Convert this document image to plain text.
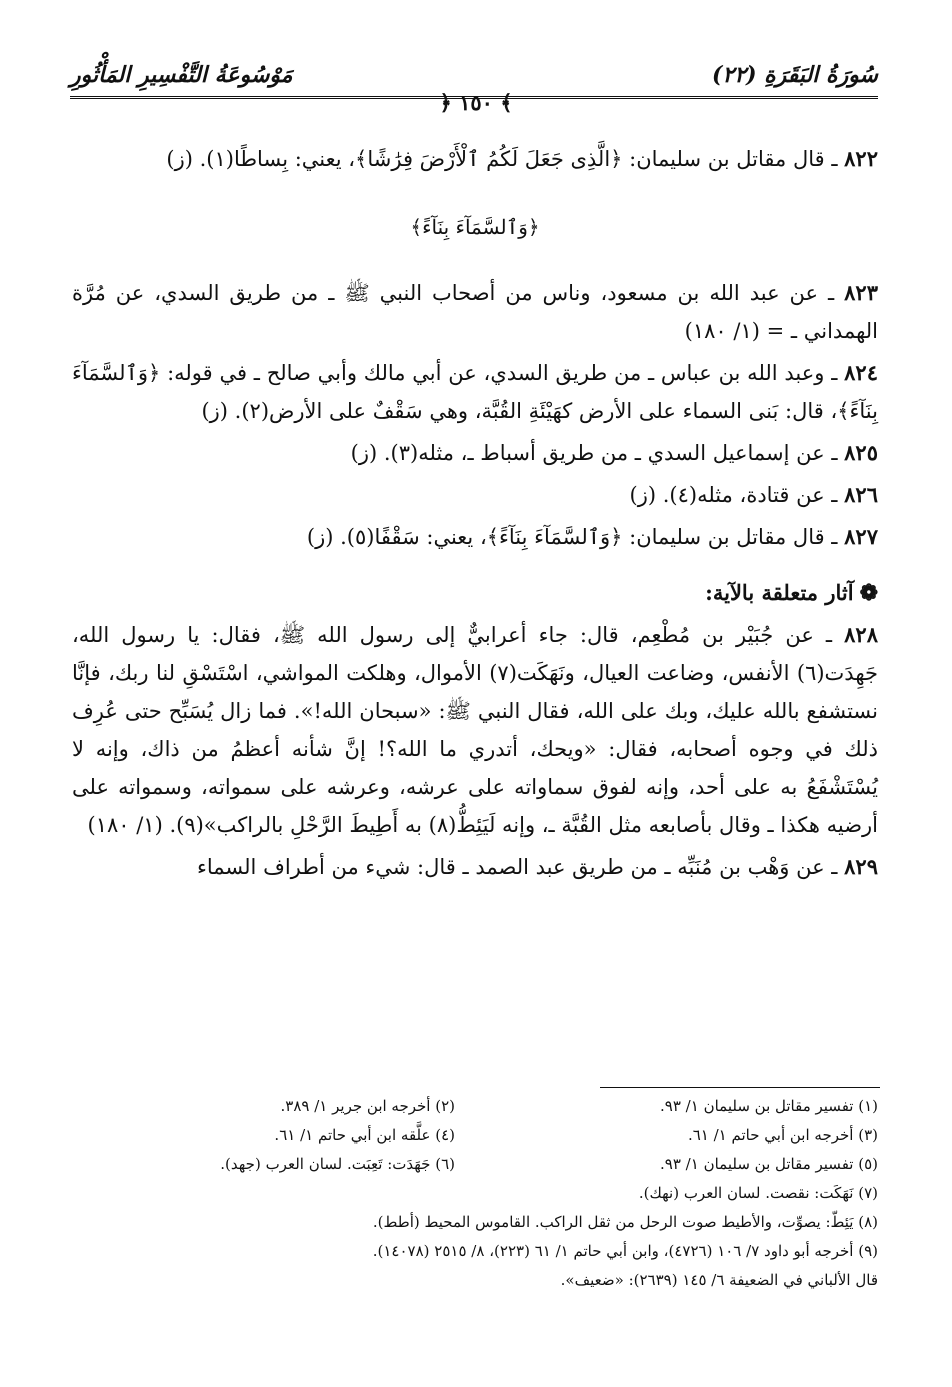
سُورَةُ البَقَرَةِ (٢٢)
مَوْسُوعَةُ التَّفْسِيرِ المَأْثُورِ
﴾ ١٥٠ ﴿

٨٢٢ ـ قال مقاتل بن سليمان: ﴿الَّذِى جَعَلَ لَكُمُ ٱلْأَرْضَ فِرَٰشًا﴾، يعني: بِساطًا(١). (ز)

﴿وَٱلسَّمَآءَ بِنَآءً﴾

٨٢٣ ـ عن عبد الله بن مسعود، وناس من أصحاب النبي ﷺ ـ من طريق السدي، عن مُرَّة الهمداني ـ = (١/ ١٨٠)

٨٢٤ ـ وعبد الله بن عباس ـ من طريق السدي، عن أبي مالك وأبي صالح ـ في قوله: ﴿وَٱلسَّمَآءَ بِنَآءً﴾، قال: بَنى السماء على الأرض كهَيْئَةِ القُبَّة، وهي سَقْفٌ على الأرض(٢). (ز)

٨٢٥ ـ عن إسماعيل السدي ـ من طريق أسباط ـ، مثله(٣). (ز)

٨٢٦ ـ عن قتادة، مثله(٤). (ز)

٨٢٧ ـ قال مقاتل بن سليمان: ﴿وَٱلسَّمَآءَ بِنَآءً﴾، يعني: سَقْفًا(٥). (ز)

❁آثار متعلقة بالآية:

٨٢٨ ـ عن جُبَيْر بن مُطْعِم، قال: جاء أعرابيٌّ إلى رسول الله ﷺ، فقال: يا رسول الله، جَهِدَت(٦) الأنفس، وضاعت العيال، ونَهَكَت(٧) الأموال، وهلكت المواشي، اسْتَسْقِ لنا ربك، فإنَّا نستشفع بالله عليك، وبك على الله، فقال النبي ﷺ: «سبحان الله!». فما زال يُسَبِّح حتى عُرِف ذلك في وجوه أصحابه، فقال: «ويحك، أتدري ما الله؟! إنَّ شأنه أعظمُ من ذاك، وإنه لا يُسْتَشْفَعُ به على أحد، وإنه لفوق سماواته على عرشه، وعرشه على سمواته، وسمواته على أرضيه هكذا ـ وقال بأصابعه مثل القُبَّة ـ، وإنه لَيَئِطُّ(٨) به أَطِيطَ الرَّحْلِ بالراكب»(٩). (١/ ١٨٠)

٨٢٩ ـ عن وَهْب بن مُنَبِّه ـ من طريق عبد الصمد ـ قال: شيء من أطراف السماء

(١) تفسير مقاتل بن سليمان ١/ ٩٣.
(٢) أخرجه ابن جرير ١/ ٣٨٩.
(٣) أخرجه ابن أبي حاتم ١/ ٦١.
(٤) علَّقه ابن أبي حاتم ١/ ٦١.
(٥) تفسير مقاتل بن سليمان ١/ ٩٣.
(٦) جَهَدَت: تَعِبَت. لسان العرب (جهد).
(٧) نَهَكَت: نقصت. لسان العرب (نهك).
(٨) يَئِطّ: يصوِّت، والأطيط صوت الرحل من ثقل الراكب. القاموس المحيط (أطط).
(٩) أخرجه أبو داود ٧/ ١٠٦ (٤٧٢٦)، وابن أبي حاتم ١/ ٦١ (٢٢٣)، ٨/ ٢٥١٥ (١٤٠٧٨).
قال الألباني في الضعيفة ٦/ ١٤٥ (٢٦٣٩): «ضعيف».
